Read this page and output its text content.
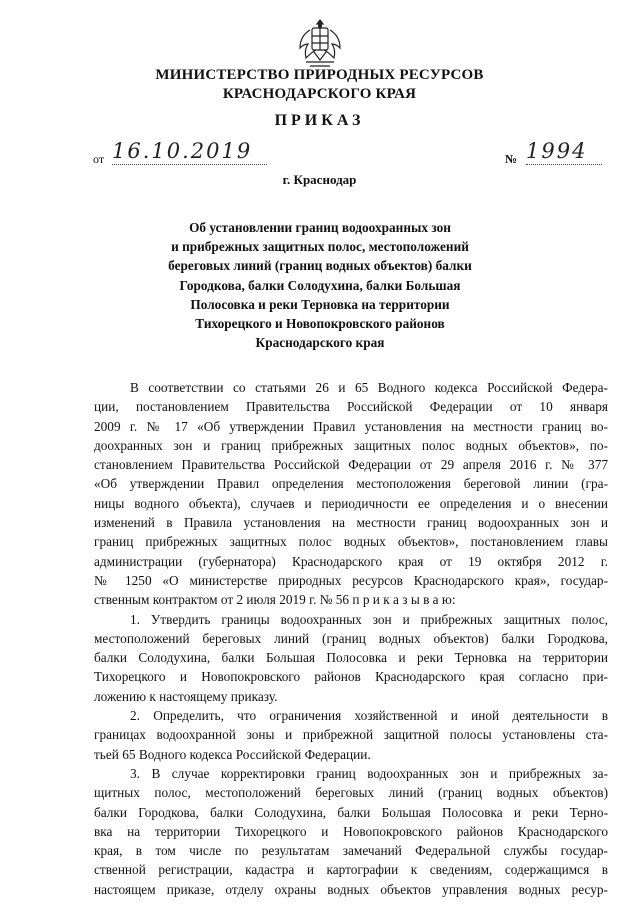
МИНИСТЕРСТВО ПРИРОДНЫХ РЕСУРСОВ
КРАСНОДАРСКОГО КРАЯ
ПРИКАЗ
от 16.10.2019	№ 1994
г. Краснодар
Об установлении границ водоохранных зон
и прибрежных защитных полос, местоположений
береговых линий (границ водных объектов) балки
Городкова, балки Солодухина, балки Большая
Полосовка и реки Терновка на территории
Тихорецкого и Новопокровского районов
Краснодарского края
В соответствии со статьями 26 и 65 Водного кодекса Российской Федера-
ции, постановлением Правительства Российской Федерации от 10 января
2009 г. № 17 «Об утверждении Правил установления на местности границ во-
доохранных зон и границ прибрежных защитных полос водных объектов», по-
становлением Правительства Российской Федерации от 29 апреля 2016 г. № 377
«Об утверждении Правил определения местоположения береговой линии (гра-
ницы водного объекта), случаев и периодичности ее определения и о внесении
изменений в Правила установления на местности границ водоохранных зон и
границ прибрежных защитных полос водных объектов», постановлением главы
администрации (губернатора) Краснодарского края от 19 октября 2012 г.
№ 1250 «О министерстве природных ресурсов Краснодарского края», государ-
ственным контрактом от 2 июля 2019 г. № 56 п р и к а з ы в а ю:
1. Утвердить границы водоохранных зон и прибрежных защитных полос,
местоположений береговых линий (границ водных объектов) балки Городкова,
балки Солодухина, балки Большая Полосовка и реки Терновка на территории
Тихорецкого и Новопокровского районов Краснодарского края согласно при-
ложению к настоящему приказу.
2. Определить, что ограничения хозяйственной и иной деятельности в
границах водоохранной зоны и прибрежной защитной полосы установлены ста-
тьей 65 Водного кодекса Российской Федерации.
3. В случае корректировки границ водоохранных зон и прибрежных за-
щитных полос, местоположений береговых линий (границ водных объектов)
балки Городкова, балки Солодухина, балки Большая Полосовка и реки Терно-
вка на территории Тихорецкого и Новопокровского районов Краснодарского
края, в том числе по результатам замечаний Федеральной службы государ-
ственной регистрации, кадастра и картографии к сведениям, содержащимся в
настоящем приказе, отделу охраны водных объектов управления водных ресур-
